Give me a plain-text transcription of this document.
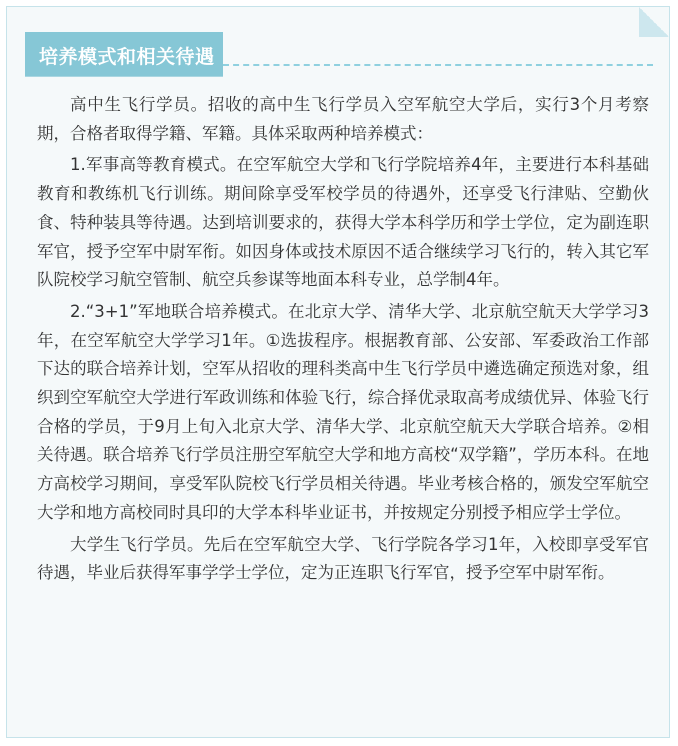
培养模式和相关待遇

高中生飞行学员。招收的高中生飞行学员入空军航空大学后，实行3个月考察期，合格者取得学籍、军籍。具体采取两种培养模式：

1.军事高等教育模式。在空军航空大学和飞行学院培养4年，主要进行本科基础教育和教练机飞行训练。期间除享受军校学员的待遇外，还享受飞行津贴、空勤伙食、特种装具等待遇。达到培训要求的，获得大学本科学历和学士学位，定为副连职军官，授予空军中尉军衔。如因身体或技术原因不适合继续学习飞行的，转入其它军队院校学习航空管制、航空兵参谋等地面本科专业，总学制4年。

2.“3+1”军地联合培养模式。在北京大学、清华大学、北京航空航天大学学习3年，在空军航空大学学习1年。①选拔程序。根据教育部、公安部、军委政治工作部下达的联合培养计划，空军从招收的理科类高中生飞行学员中遴选确定预选对象，组织到空军航空大学进行军政训练和体验飞行，综合择优录取高考成绩优异、体验飞行合格的学员，于9月上旬入北京大学、清华大学、北京航空航天大学联合培养。②相关待遇。联合培养飞行学员注册空军航空大学和地方高校“双学籍”，学历本科。在地方高校学习期间，享受军队院校飞行学员相关待遇。毕业考核合格的，颁发空军航空大学和地方高校同时具印的大学本科毕业证书，并按规定分别授予相应学士学位。

大学生飞行学员。先后在空军航空大学、飞行学院各学习1年，入校即享受军官待遇，毕业后获得军事学学士学位，定为正连职飞行军官，授予空军中尉军衔。
